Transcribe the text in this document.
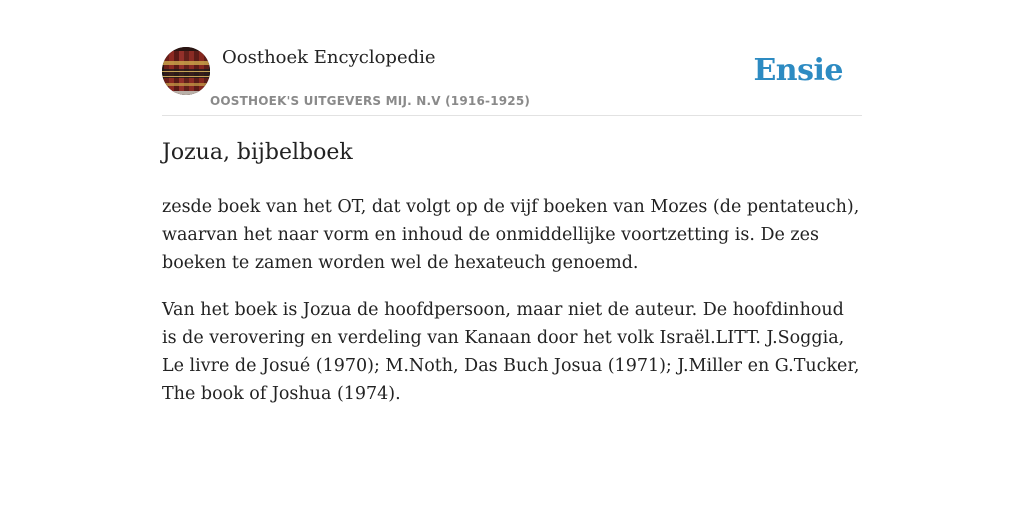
Oosthoek Encyclopedie
OOSTHOEK'S UITGEVERS MIJ. N.V (1916-1925)
Ensie
Jozua, bijbelboek

zesde boek van het OT, dat volgt op de vijf boeken van Mozes (de pentateuch), waarvan het naar vorm en inhoud de onmiddellijke voortzetting is. De zes boeken te zamen worden wel de hexateuch genoemd.

Van het boek is Jozua de hoofdpersoon, maar niet de auteur. De hoofdinhoud is de verovering en verdeling van Kanaan door het volk Israël.LITT. J.Soggia, Le livre de Josué (1970); M.Noth, Das Buch Josua (1971); J.Miller en G.Tucker, The book of Joshua (1974).
